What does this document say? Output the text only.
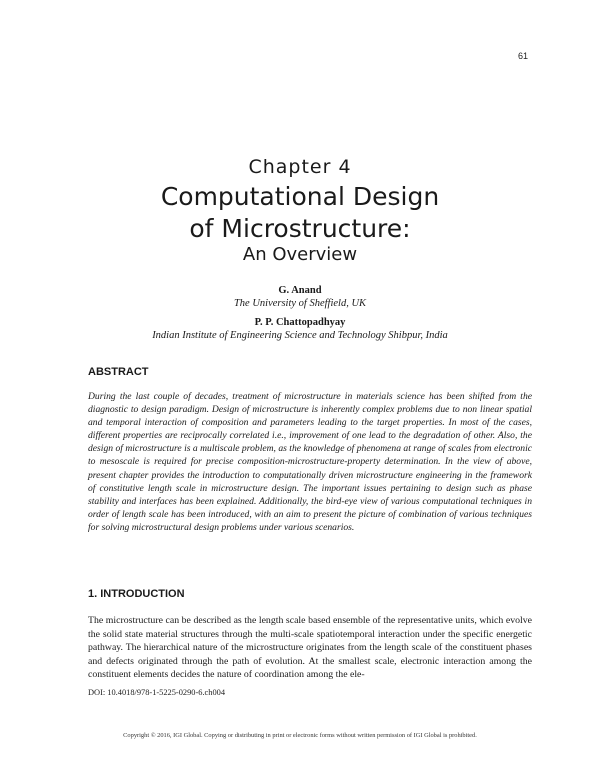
61
Chapter 4
Computational Design
of Microstructure:
An Overview
G. Anand
The University of Sheffield, UK
P. P. Chattopadhyay
Indian Institute of Engineering Science and Technology Shibpur, India
ABSTRACT

During the last couple of decades, treatment of microstructure in materials science has been shifted from the diagnostic to design paradigm. Design of microstructure is inherently complex problems due to non linear spatial and temporal interaction of composition and parameters leading to the target properties. In most of the cases, different properties are reciprocally correlated i.e., improvement of one lead to the degradation of other. Also, the design of microstructure is a multiscale problem, as the knowledge of phenomena at range of scales from electronic to mesoscale is required for precise composition-microstructure-property determination. In the view of above, present chapter provides the introduction to computationally driven microstructure engineering in the framework of constitutive length scale in microstructure design. The important issues pertaining to design such as phase stability and interfaces has been explained. Additionally, the bird-eye view of various computational techniques in order of length scale has been introduced, with an aim to present the picture of combination of various techniques for solving microstructural design problems under various scenarios.

1. INTRODUCTION

The microstructure can be described as the length scale based ensemble of the representative units, which evolve the solid state material structures through the multi-scale spatiotemporal interaction under the specific energetic pathway. The hierarchical nature of the microstructure originates from the length scale of the constituent phases and defects originated through the path of evolution. At the smallest scale, electronic interaction among the constituent elements decides the nature of coordination among the ele-

DOI: 10.4018/978-1-5225-0290-6.ch004
Copyright © 2016, IGI Global. Copying or distributing in print or electronic forms without written permission of IGI Global is prohibited.
